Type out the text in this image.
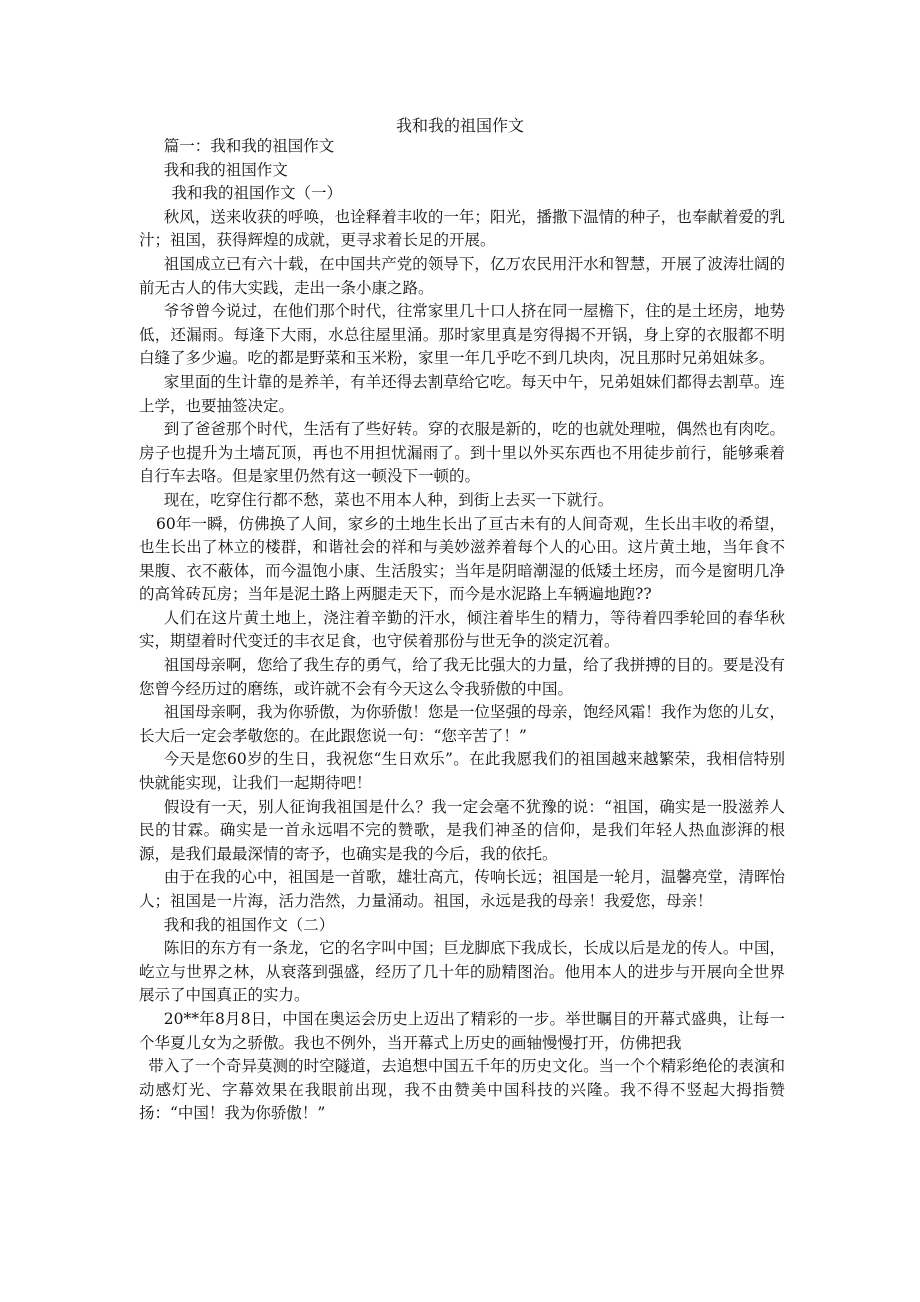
我和我的祖国作文

篇一：我和我的祖国作文

我和我的祖国作文

我和我的祖国作文（一）

秋风，送来收获的呼唤，也诠释着丰收的一年；阳光，播撒下温情的种子，也奉献着爱的乳汁；祖国，获得辉煌的成就，更寻求着长足的开展。

祖国成立已有六十载，在中国共产党的领导下，亿万农民用汗水和智慧，开展了波涛壮阔的前无古人的伟大实践，走出一条小康之路。

爷爷曾今说过，在他们那个时代，往常家里几十口人挤在同一屋檐下，住的是土坯房，地势低，还漏雨。每逢下大雨，水总往屋里涌。那时家里真是穷得揭不开锅，身上穿的衣服都不明白缝了多少遍。吃的都是野菜和玉米粉，家里一年几乎吃不到几块肉，况且那时兄弟姐妹多。

家里面的生计靠的是养羊，有羊还得去割草给它吃。每天中午，兄弟姐妹们都得去割草。连上学，也要抽签决定。

到了爸爸那个时代，生活有了些好转。穿的衣服是新的，吃的也就处理啦，偶然也有肉吃。房子也提升为土墙瓦顶，再也不用担忧漏雨了。到十里以外买东西也不用徒步前行，能够乘着自行车去咯。但是家里仍然有这一顿没下一顿的。

现在，吃穿住行都不愁，菜也不用本人种，到街上去买一下就行。

60年一瞬，仿佛换了人间，家乡的土地生长出了亘古未有的人间奇观，生长出丰收的希望，也生长出了林立的楼群，和谐社会的祥和与美妙滋养着每个人的心田。这片黄土地，当年食不果腹、衣不蔽体，而今温饱小康、生活殷实；当年是阴暗潮湿的低矮土坯房，而今是窗明几净的高耸砖瓦房；当年是泥土路上两腿走天下，而今是水泥路上车辆遍地跑??

人们在这片黄土地上，浇注着辛勤的汗水，倾注着毕生的精力，等待着四季轮回的春华秋实，期望着时代变迁的丰衣足食，也守侯着那份与世无争的淡定沉着。

祖国母亲啊，您给了我生存的勇气，给了我无比强大的力量，给了我拼搏的目的。要是没有您曾今经历过的磨练，或许就不会有今天这么令我骄傲的中国。

祖国母亲啊，我为你骄傲，为你骄傲！您是一位坚强的母亲，饱经风霜！我作为您的儿女，长大后一定会孝敬您的。在此跟您说一句：“您辛苦了！”

今天是您60岁的生日，我祝您“生日欢乐”。在此我愿我们的祖国越来越繁荣，我相信特别快就能实现，让我们一起期待吧！

假设有一天，别人征询我祖国是什么？我一定会毫不犹豫的说：“祖国，确实是一股滋养人民的甘霖。确实是一首永远唱不完的赞歌，是我们神圣的信仰，是我们年轻人热血澎湃的根源，是我们最最深情的寄予，也确实是我的今后，我的依托。

由于在我的心中，祖国是一首歌，雄壮高亢，传响长远；祖国是一轮月，温馨亮堂，清晖怡人；祖国是一片海，活力浩然，力量涌动。祖国，永远是我的母亲！我爱您，母亲！

我和我的祖国作文（二）

陈旧的东方有一条龙，它的名字叫中国；巨龙脚底下我成长，长成以后是龙的传人。中国，屹立与世界之林，从衰落到强盛，经历了几十年的励精图治。他用本人的进步与开展向全世界展示了中国真正的实力。

20**年8月8日，中国在奥运会历史上迈出了精彩的一步。举世瞩目的开幕式盛典，让每一个华夏儿女为之骄傲。我也不例外，当开幕式上历史的画轴慢慢打开，仿佛把我

带入了一个奇异莫测的时空隧道，去追想中国五千年的历史文化。当一个个精彩绝伦的表演和动感灯光、字幕效果在我眼前出现，我不由赞美中国科技的兴隆。我不得不竖起大拇指赞扬：“中国！我为你骄傲！”
